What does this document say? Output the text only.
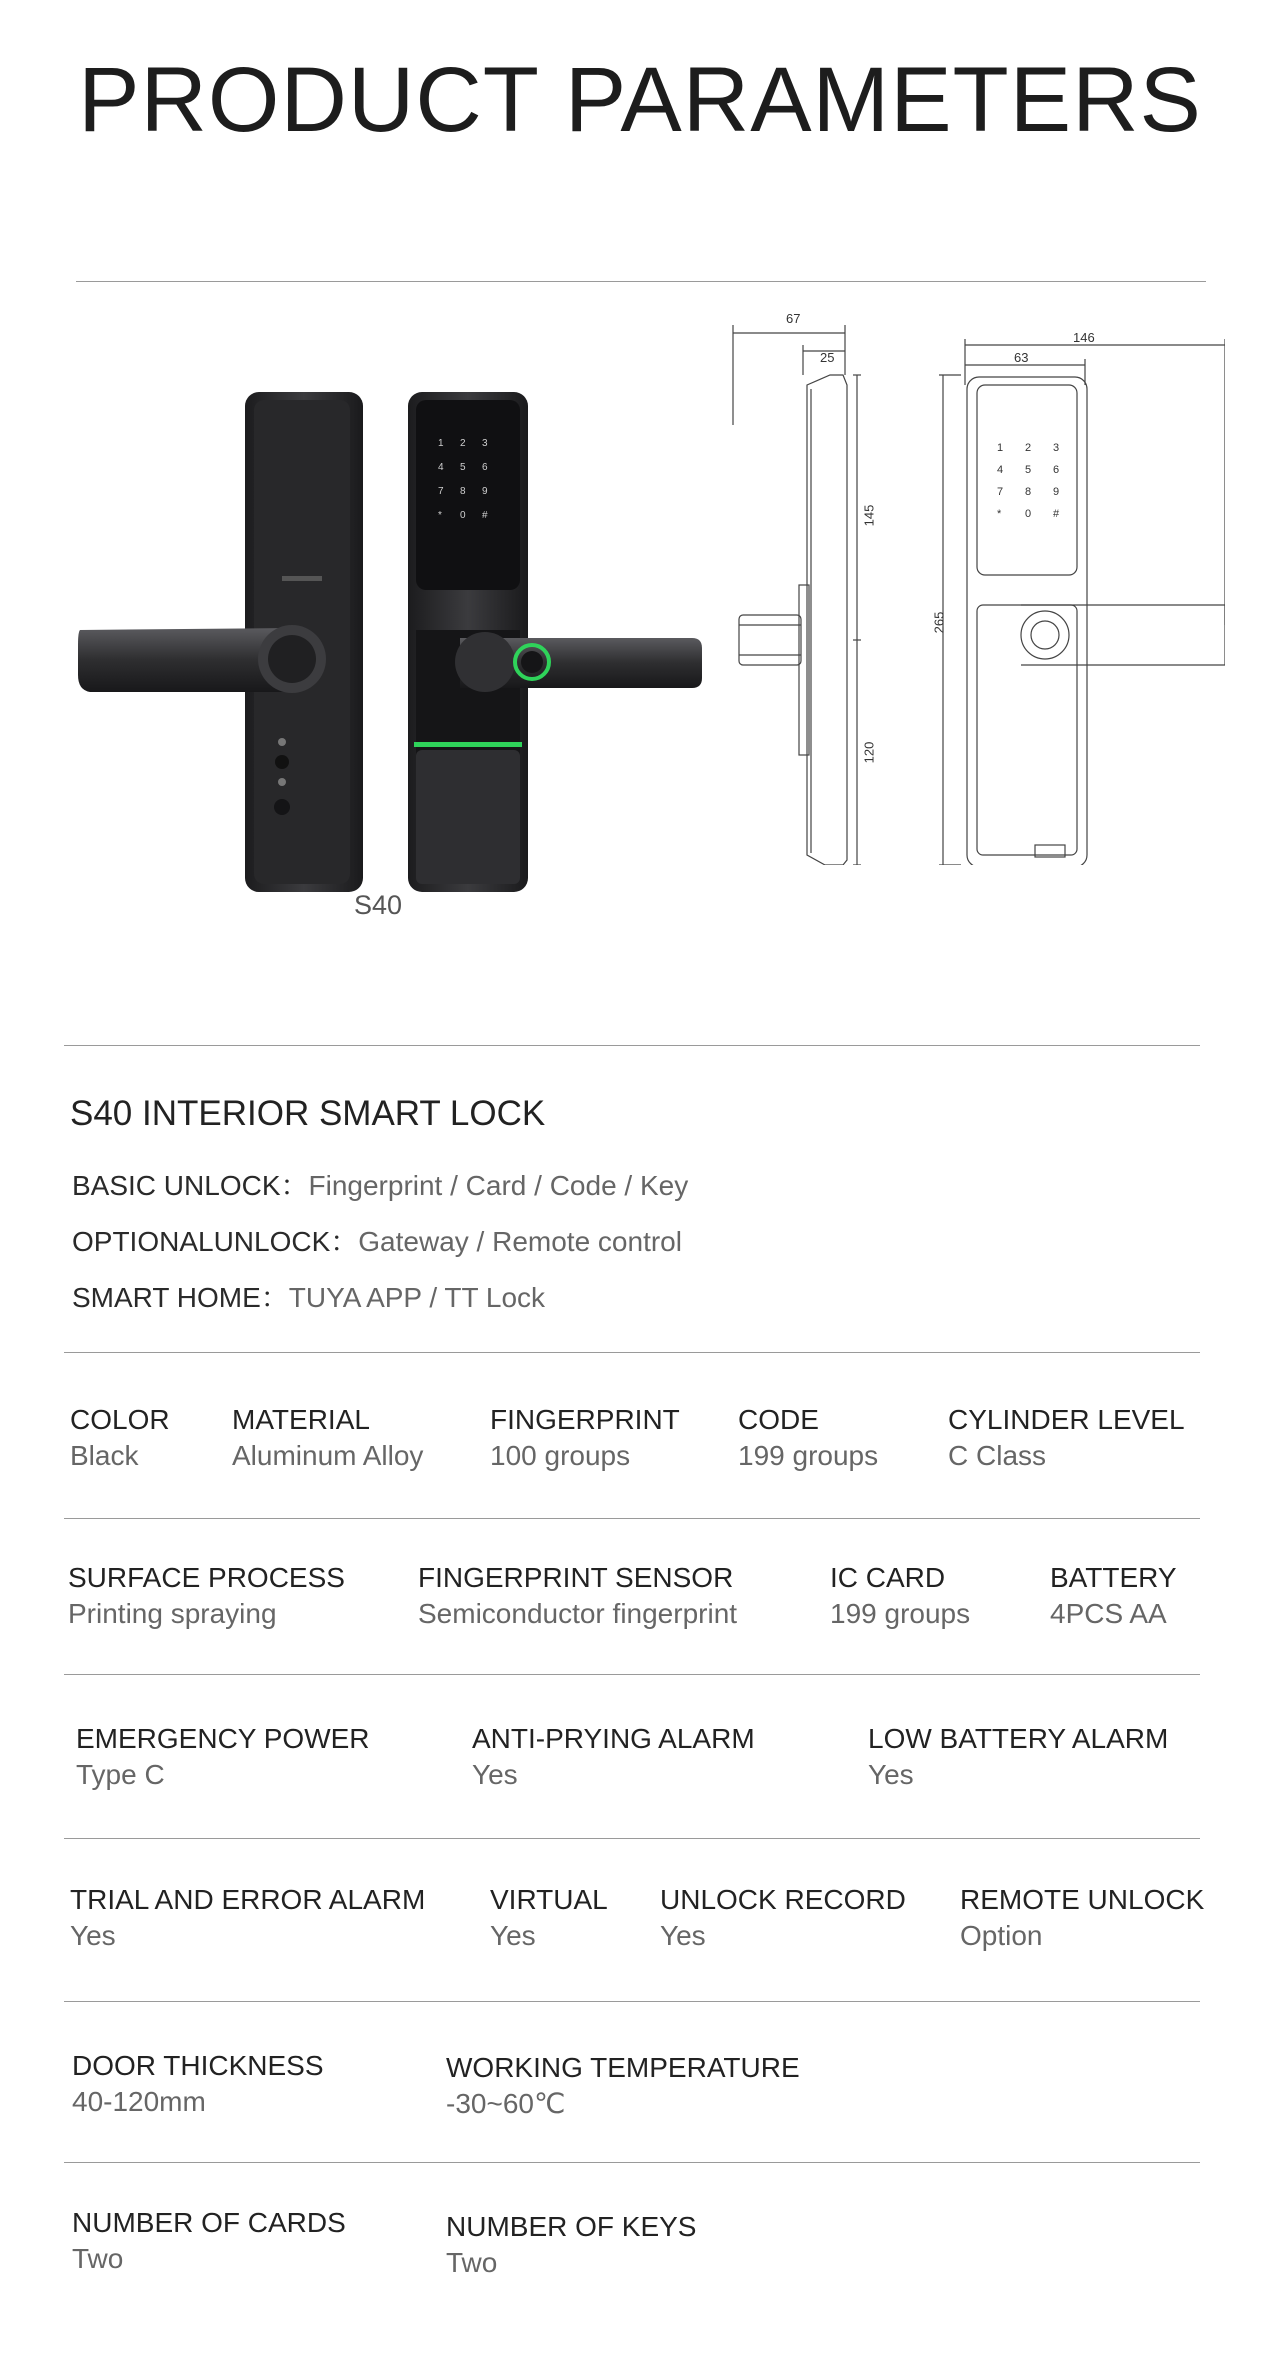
PRODUCT PARAMETERS
1 2 3
4 5 6
7 8 9
* 0 #
S40
67
25
145
120
1 2 3
4 5 6
7 8 9
* 0 #
146
63
265
S40 INTERIOR SMART LOCK
BASIC UNLOCK：Fingerprint / Card / Code / Key
OPTIONALUNLOCK：Gateway / Remote control
SMART HOME：TUYA APP / TT Lock
COLOR
Black
MATERIAL
Aluminum Alloy
FINGERPRINT
100 groups
CODE
199 groups
CYLINDER LEVEL
C Class
SURFACE PROCESS
Printing spraying
FINGERPRINT SENSOR
Semiconductor fingerprint
IC CARD
199 groups
BATTERY
4PCS AA
EMERGENCY POWER
Type C
ANTI-PRYING ALARM
Yes
LOW BATTERY ALARM
Yes
TRIAL AND ERROR ALARM
Yes
VIRTUAL
Yes
UNLOCK RECORD
Yes
REMOTE UNLOCK
Option
DOOR THICKNESS
40-120mm
WORKING TEMPERATURE
-30~60℃
NUMBER OF CARDS
Two
NUMBER OF KEYS
Two
